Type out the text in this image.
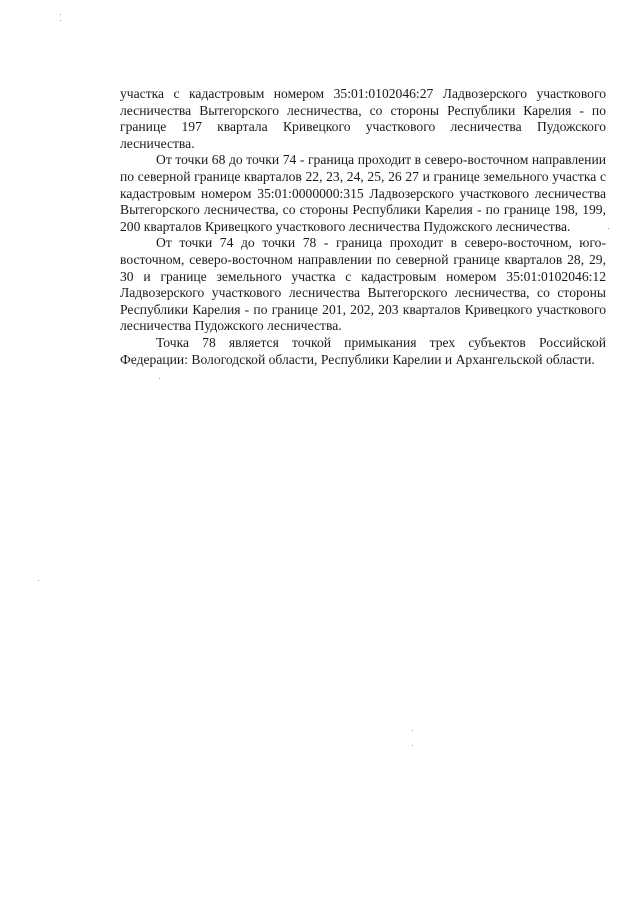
участка с кадастровым номером 35:01:0102046:27 Ладвозерского участкового лесничества Вытегорского лесничества, со стороны Республики Карелия - по границе 197 квартала Кривецкого участкового лесничества Пудожского лесничества.

От точки 68 до точки 74 - граница проходит в северо-восточном направлении по северной границе кварталов 22, 23, 24, 25, 26 27 и границе земельного участка с кадастровым номером 35:01:0000000:315 Ладвозерского участкового лесничества Вытегорского лесничества, со стороны Республики Карелия - по границе 198, 199, 200 кварталов Кривецкого участкового лесничества Пудожского лесничества.

От точки 74 до точки 78 - граница проходит в северо-восточном, юго-восточном, северо-восточном направлении по северной границе кварталов 28, 29, 30 и границе земельного участка с кадастровым номером 35:01:0102046:12 Ладвозерского участкового лесничества Вытегорского лесничества, со стороны Республики Карелия - по границе 201, 202, 203 кварталов Кривецкого участкового лесничества Пудожского лесничества.

Точка 78 является точкой примыкания трех субъектов Российской Федерации: Вологодской области, Республики Карелии и Архангельской области.
